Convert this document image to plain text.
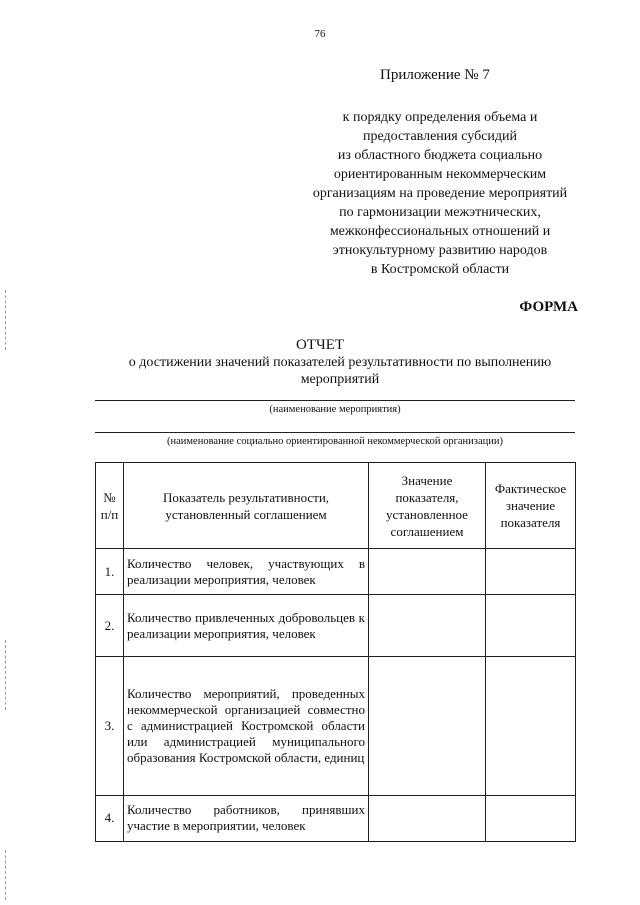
76
Приложение № 7
к порядку определения объема и
предоставления субсидий
из областного бюджета социально
ориентированным некоммерческим
организациям на проведение мероприятий
по гармонизации межэтнических,
межконфессиональных отношений и
этнокультурному развитию народов
в Костромской области
ФОРМА
ОТЧЕТ
о достижении значений показателей результативности по выполнению
мероприятий
(наименование мероприятия)
(наименование социально ориентированной некоммерческой организации)
№ п/п	Показатель результативности, установленный соглашением	Значение показателя, установленное соглашением	Фактическое значение показателя
1.	Количество человек, участвующих в реализации мероприятия, человек		
2.	Количество привлеченных добровольцев к реализации мероприятия, человек		
3.	Количество мероприятий, проведенных некоммерческой организацией совместно с администрацией Костромской области или администрацией муниципального образования Костромской области, единиц		
4.	Количество работников, принявших участие в мероприятии, человек		
